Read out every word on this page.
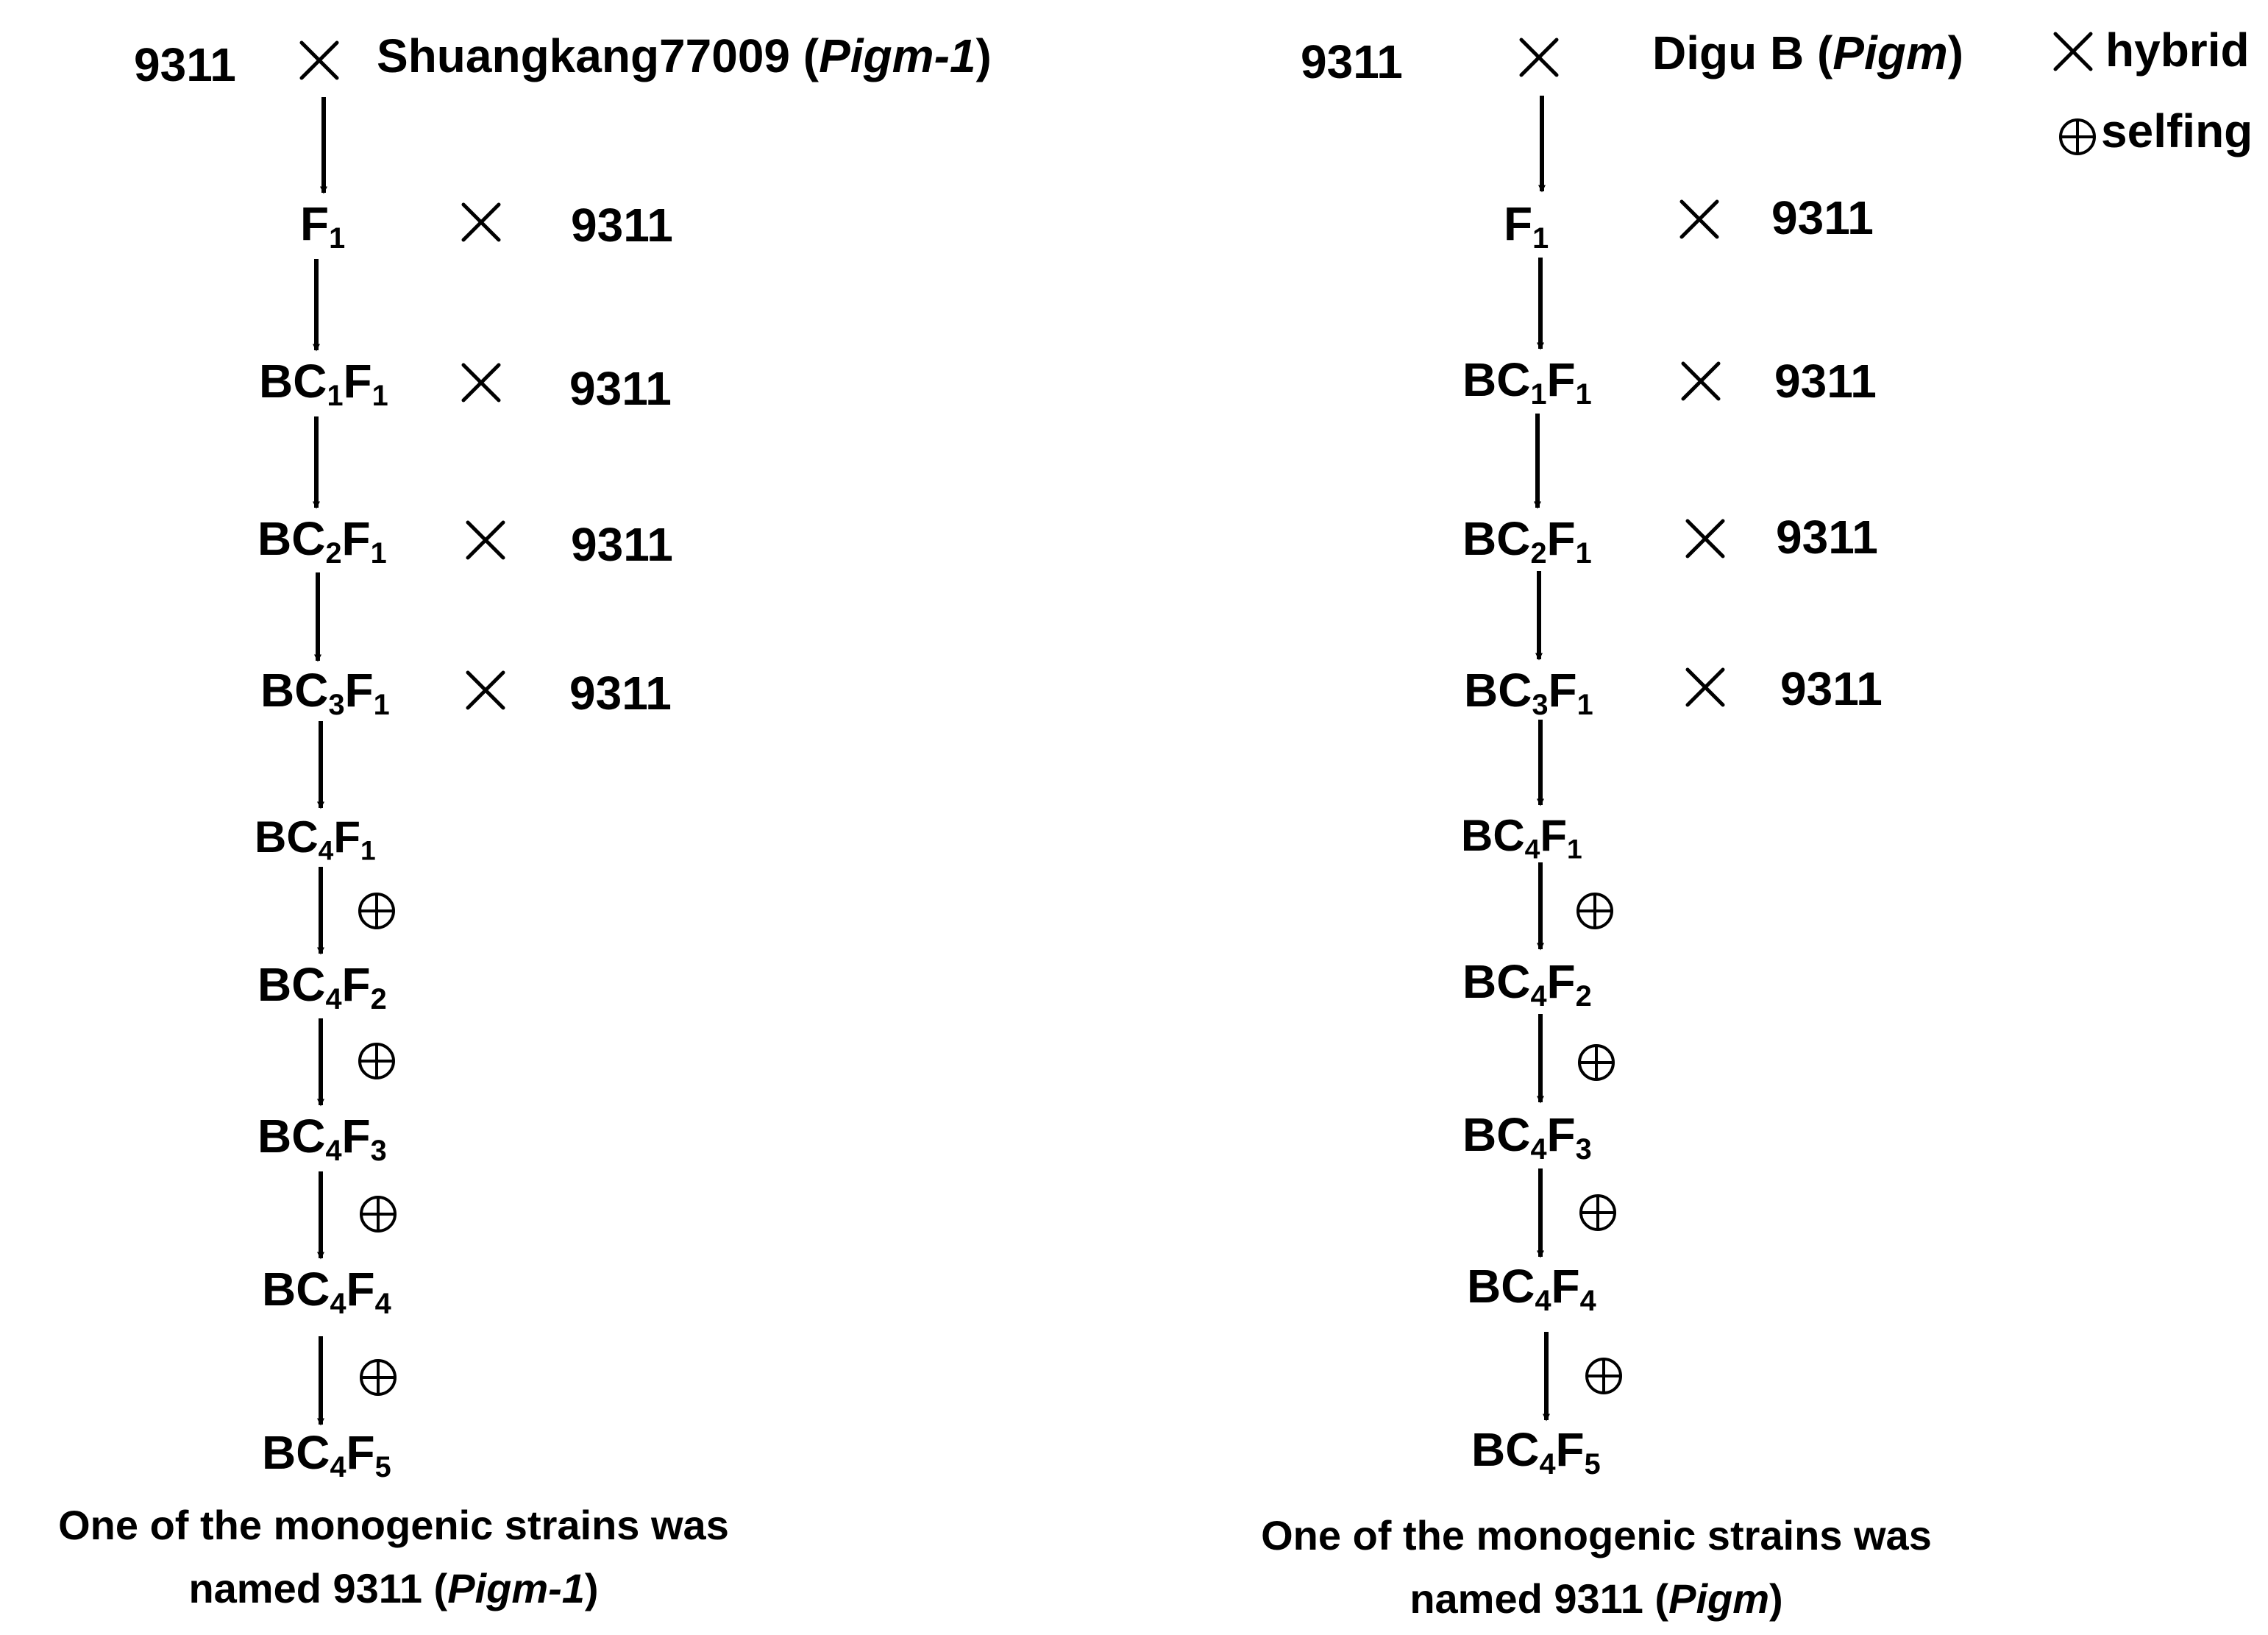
9311	Shuangkang77009 (Pigm-1)
$F_1$
$BC_1F_1$
$BC_2F_1$
$BC_3F_1$
$BC_4F_1$
$BC_4F_2$
$BC_4F_3$
$BC_4F_4$
$BC_4F_5$
9311
9311
9311
9311
One of the monogenic strains was
named 9311 (Pigm-1)
9311	Digu B (Pigm)
$F_1$
$BC_1F_1$
$BC_2F_1$
$BC_3F_1$
$BC_4F_1$
$BC_4F_2$
$BC_4F_3$
$BC_4F_4$
$BC_4F_5$
9311
9311
9311
9311
One of the monogenic strains was
named 9311 (Pigm)
hybrid
selfing
